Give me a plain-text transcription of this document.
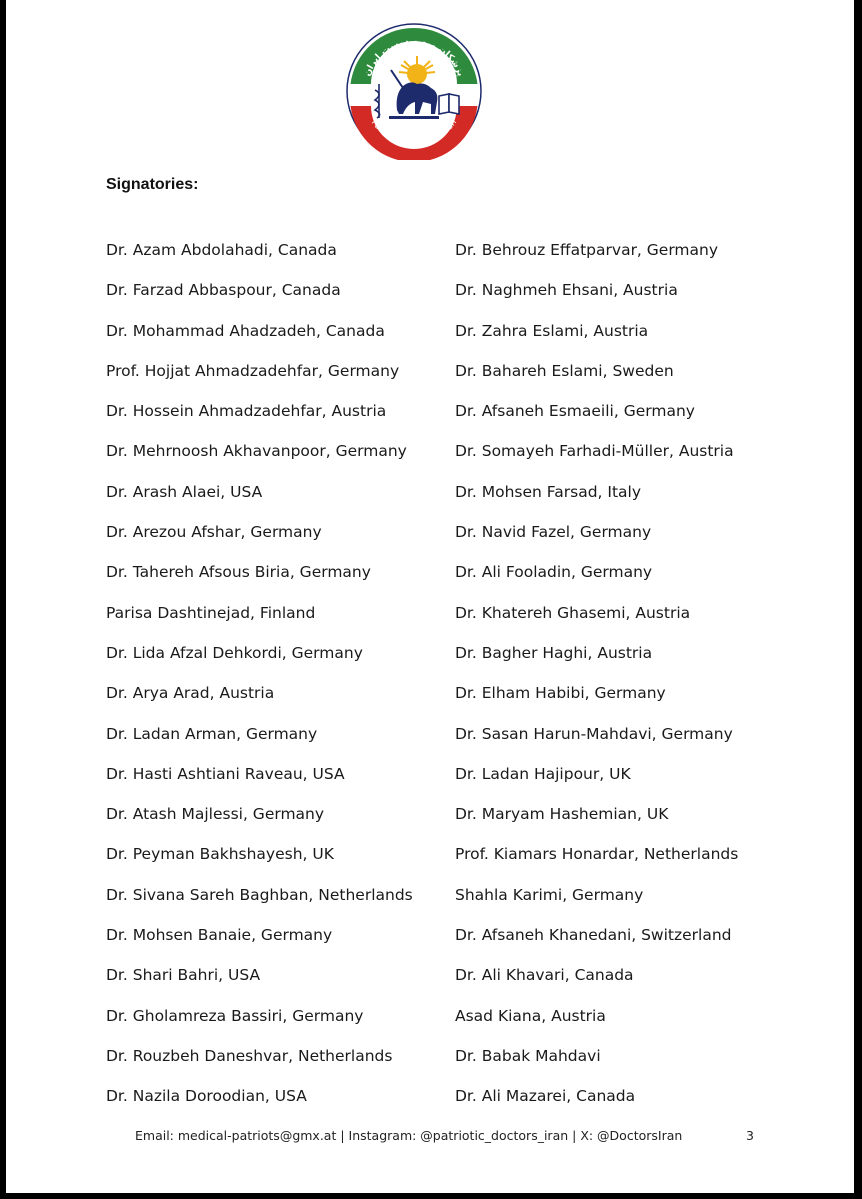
پزشکان میهن دوست ایران
Patriotic Doctors of Iran
Signatories:
Dr. Azam Abdolahadi, Canada
Dr. Farzad Abbaspour, Canada
Dr. Mohammad Ahadzadeh, Canada
Prof. Hojjat Ahmadzadehfar, Germany
Dr. Hossein Ahmadzadehfar, Austria
Dr. Mehrnoosh Akhavanpoor, Germany
Dr. Arash Alaei, USA
Dr. Arezou Afshar, Germany
Dr. Tahereh Afsous Biria, Germany
Parisa Dashtinejad, Finland
Dr. Lida Afzal Dehkordi, Germany
Dr. Arya Arad, Austria
Dr. Ladan Arman, Germany
Dr. Hasti Ashtiani Raveau, USA
Dr. Atash Majlessi, Germany
Dr. Peyman Bakhshayesh, UK
Dr. Sivana Sareh Baghban, Netherlands
Dr. Mohsen Banaie, Germany
Dr. Shari Bahri, USA
Dr. Gholamreza Bassiri, Germany
Dr. Rouzbeh Daneshvar, Netherlands
Dr. Nazila Doroodian, USA
Dr. Behrouz Effatparvar, Germany
Dr. Naghmeh Ehsani, Austria
Dr. Zahra Eslami, Austria
Dr. Bahareh Eslami, Sweden
Dr. Afsaneh Esmaeili, Germany
Dr. Somayeh Farhadi-Müller, Austria
Dr. Mohsen Farsad, Italy
Dr. Navid Fazel, Germany
Dr. Ali Fooladin, Germany
Dr. Khatereh Ghasemi, Austria
Dr. Bagher Haghi, Austria
Dr. Elham Habibi, Germany
Dr. Sasan Harun-Mahdavi, Germany
Dr. Ladan Hajipour, UK
Dr. Maryam Hashemian, UK
Prof. Kiamars Honardar, Netherlands
Shahla Karimi, Germany
Dr. Afsaneh Khanedani, Switzerland
Dr. Ali Khavari, Canada
Asad Kiana, Austria
Dr. Babak Mahdavi
Dr. Ali Mazarei, Canada
Email: medical-patriots@gmx.at | Instagram: @patriotic_doctors_iran | X: @DoctorsIran	3
